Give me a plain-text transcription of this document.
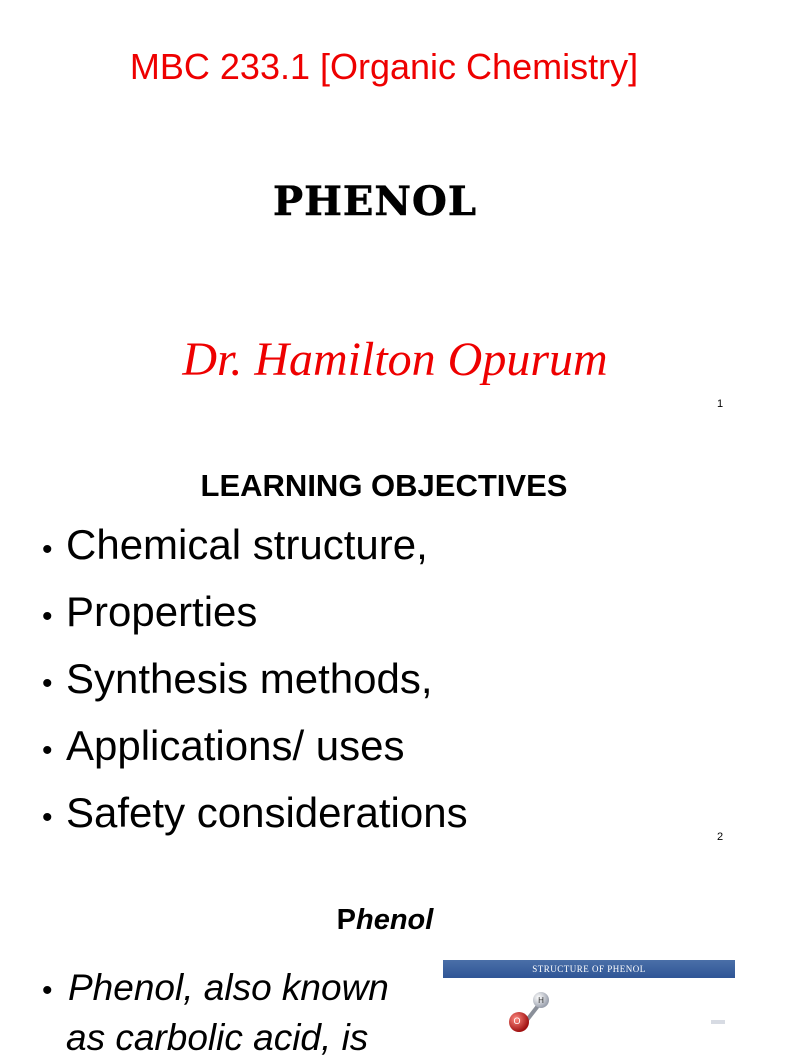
MBC 233.1 [Organic Chemistry]
PHENOL
Dr. Hamilton Opurum
1
LEARNING OBJECTIVES
• Chemical structure,
• Properties
• Synthesis methods,
• Applications/ uses
• Safety considerations
2
Phenol
• Phenol, also known
as carbolic acid, is
STRUCTURE OF PHENOL
H
O
